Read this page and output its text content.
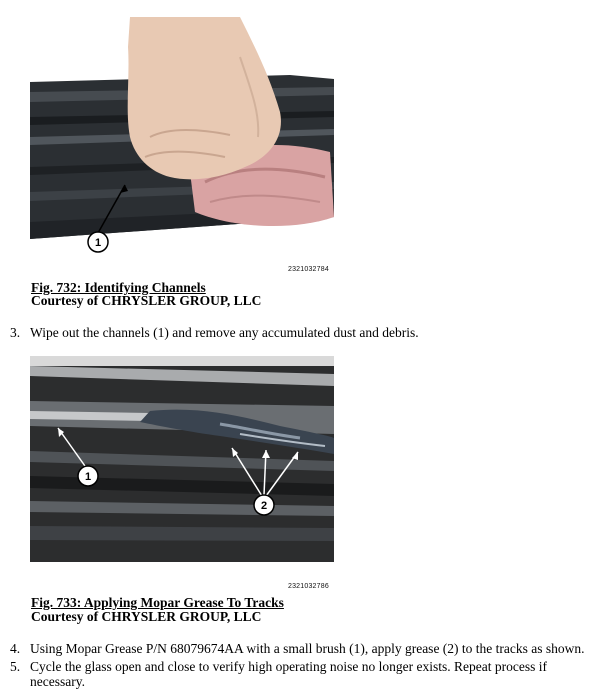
1
2321032784
Fig. 732: Identifying Channels
Courtesy of CHRYSLER GROUP, LLC
3. Wipe out the channels (1) and remove any accumulated dust and debris.
1
2
2321032786
Fig. 733: Applying Mopar Grease To Tracks
Courtesy of CHRYSLER GROUP, LLC
4. Using Mopar Grease P/N 68079674AA with a small brush (1), apply grease (2) to the tracks as shown.
5. Cycle the glass open and close to verify high operating noise no longer exists. Repeat process if necessary.
